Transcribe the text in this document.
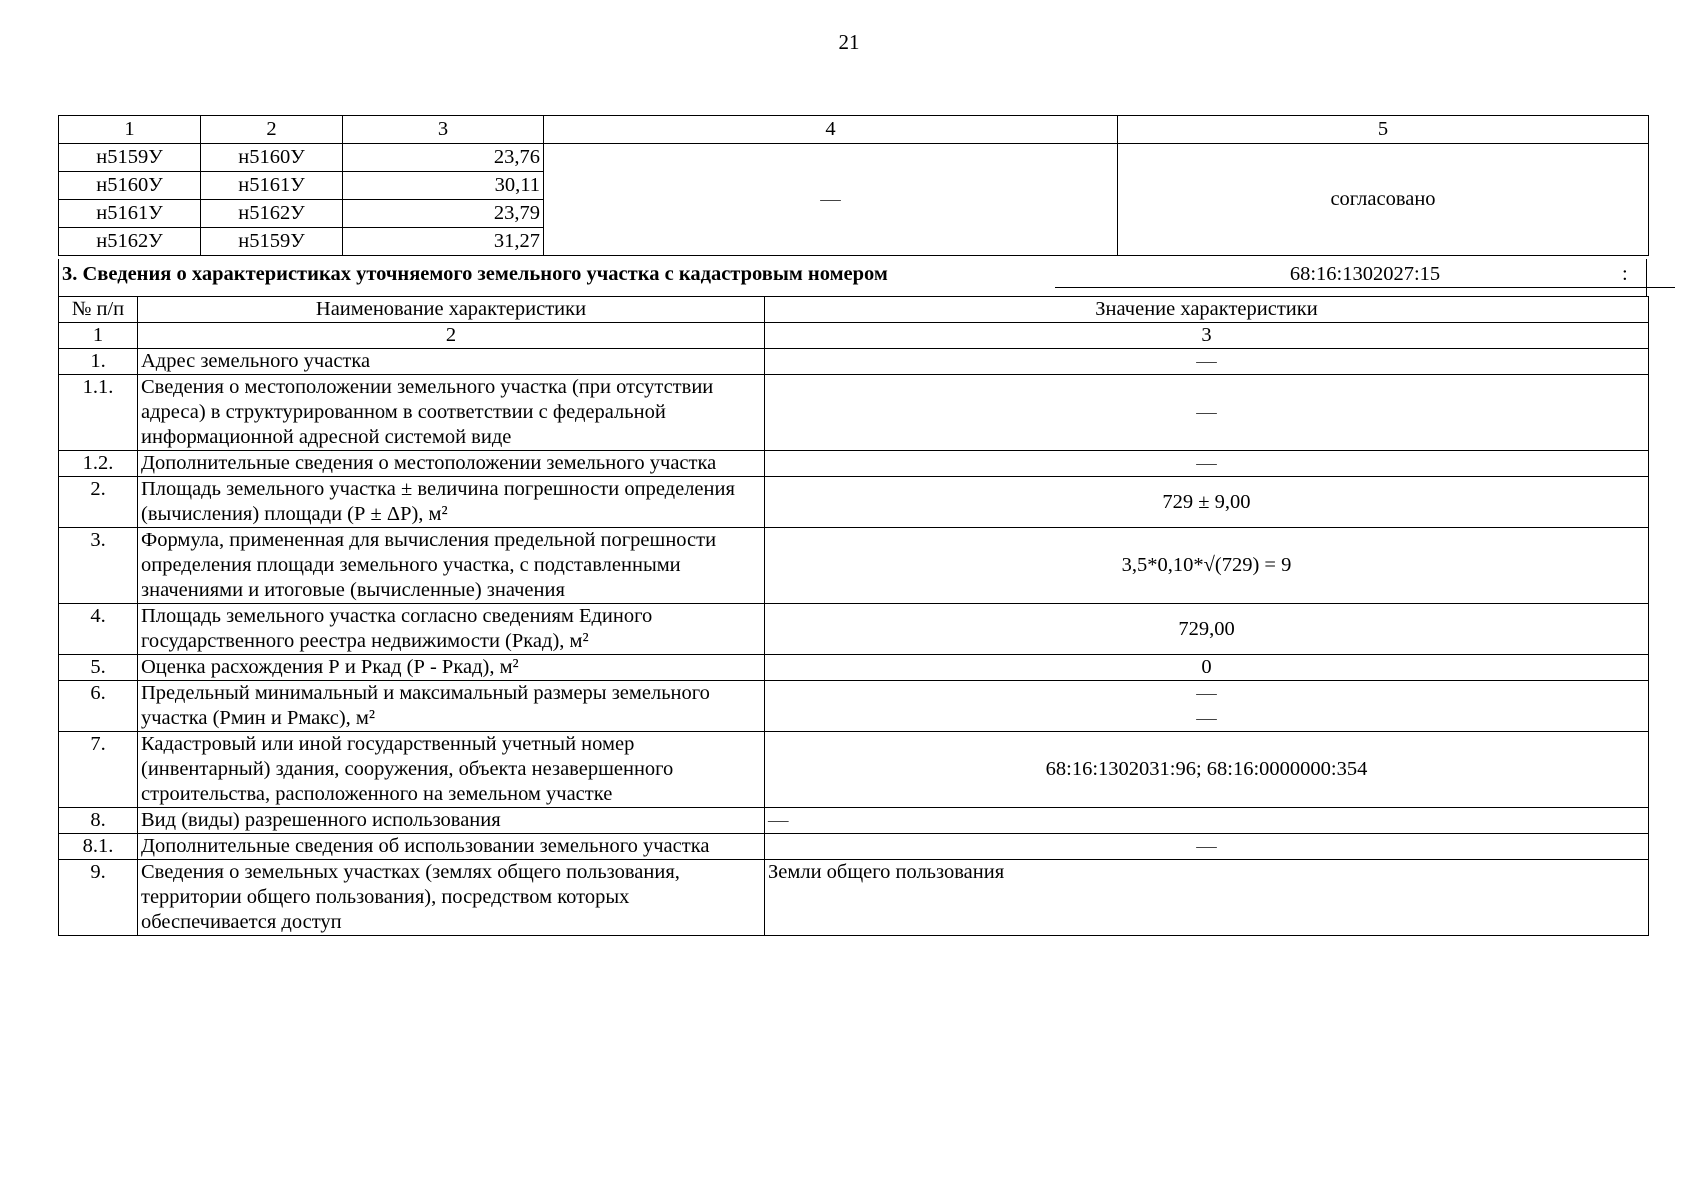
21
1	2	3	4	5
н5159У	н5160У	23,76	—	согласовано
н5160У	н5161У	30,11		
н5161У	н5162У	23,79		
н5162У	н5159У	31,27		
3. Сведения о характеристиках уточняемого земельного участка с кадастровым номером	68:16:1302027:15	:
№ п/п	Наименование характеристики	Значение характеристики
1	2	3
1.	Адрес земельного участка	—
1.1.	Сведения о местоположении земельного участка (при отсутствии адреса) в структурированном в соответствии с федеральной информационной адресной системой виде	—
1.2.	Дополнительные сведения о местоположении земельного участка	—
2.	Площадь земельного участка ± величина погрешности определения (вычисления) площади (Р ± ΔР), м²	729 ± 9,00
3.	Формула, примененная для вычисления предельной погрешности определения площади земельного участка, с подставленными значениями и итоговые (вычисленные) значения	3,5*0,10*√(729) = 9
4.	Площадь земельного участка согласно сведениям Единого государственного реестра недвижимости (Ркад), м²	729,00
5.	Оценка расхождения Р и Ркад (Р - Ркад), м²	0
6.	Предельный минимальный и максимальный размеры земельного участка (Рмин и Рмакс), м²	—
—

7.	Кадастровый или иной государственный учетный номер (инвентарный) здания, сооружения, объекта незавершенного строительства, расположенного на земельном участке	68:16:1302031:96; 68:16:0000000:354
8.	Вид (виды) разрешенного использования	—
8.1.	Дополнительные сведения об использовании земельного участка	—
9.	Сведения о земельных участках (землях общего пользования, территории общего пользования), посредством которых обеспечивается доступ	Земли общего пользования
